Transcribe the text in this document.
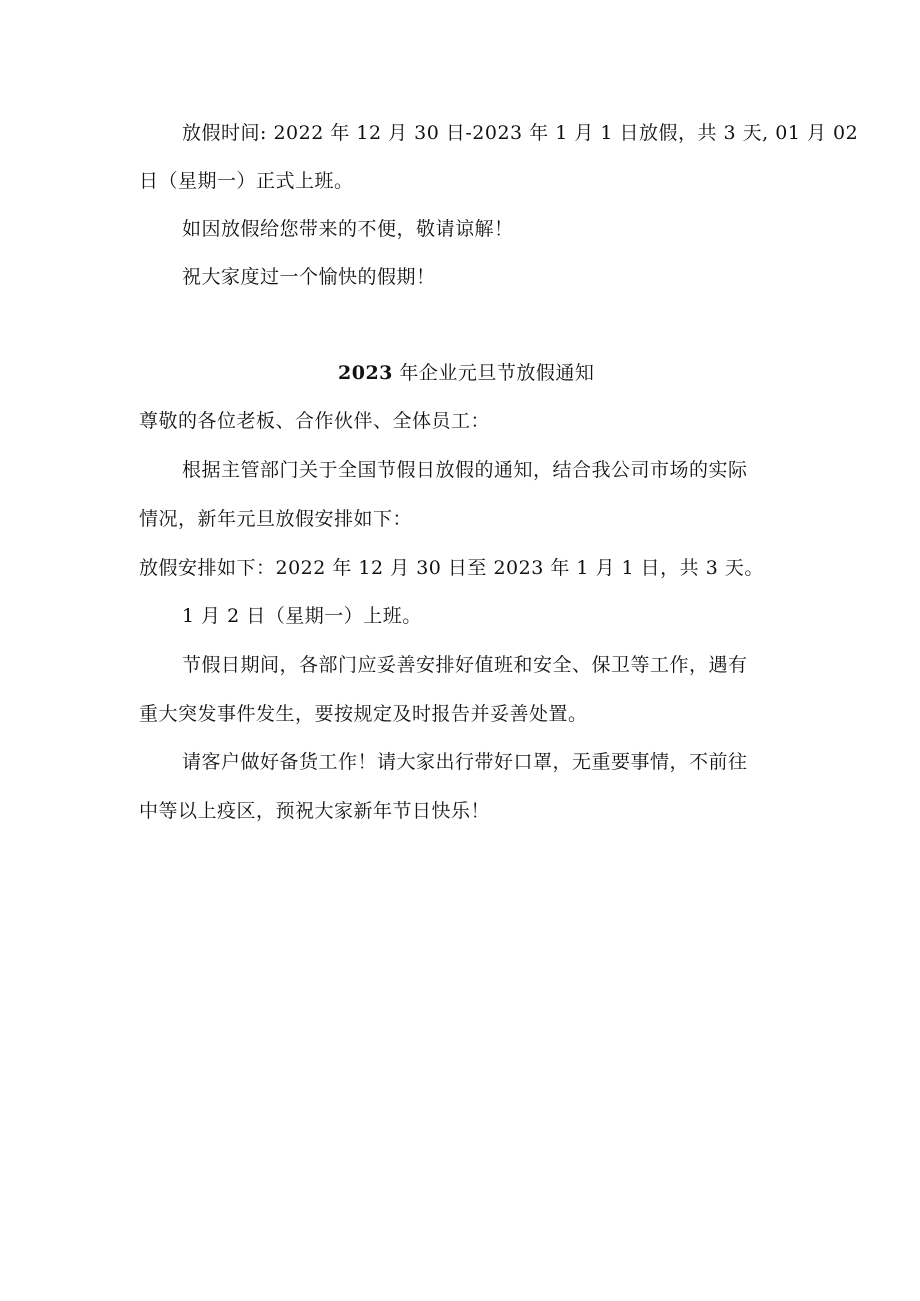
放假时间: 2022 年 12 月 30 日-2023 年 1 月 1 日放假，共 3 天, 01 月 02
日（星期一）正式上班。
如因放假给您带来的不便，敬请谅解！
祝大家度过一个愉快的假期！
2023 年企业元旦节放假通知
尊敬的各位老板、合作伙伴、全体员工：
根据主管部门关于全国节假日放假的通知，结合我公司市场的实际
情况，新年元旦放假安排如下：
放假安排如下：2022 年 12 月 30 日至 2023 年 1 月 1 日，共 3 天。
1 月 2 日（星期一）上班。
节假日期间，各部门应妥善安排好值班和安全、保卫等工作，遇有
重大突发事件发生，要按规定及时报告并妥善处置。
请客户做好备货工作！请大家出行带好口罩，无重要事情，不前往
中等以上疫区，预祝大家新年节日快乐！
